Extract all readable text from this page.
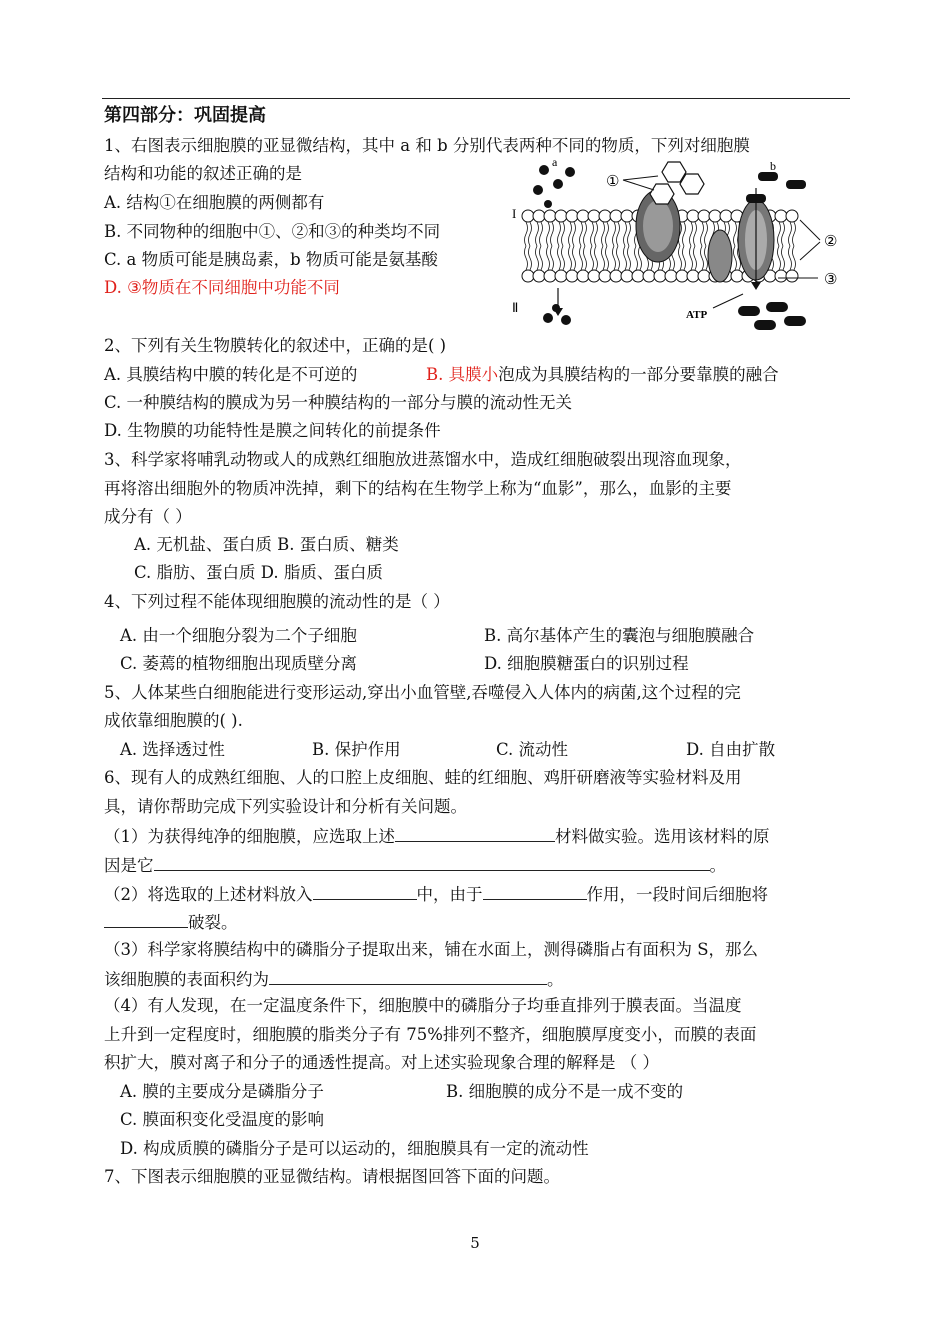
第四部分：巩固提高
1、右图表示细胞膜的亚显微结构，其中 a 和 b 分别代表两种不同的物质，下列对细胞膜
结构和功能的叙述正确的是
A. 结构①在细胞膜的两侧都有
B. 不同物种的细胞中①、②和③的种类均不同
C. a 物质可能是胰岛素，b 物质可能是氨基酸
D. ③物质在不同细胞中功能不同
a	b
①
②
③
I
Ⅱ	ATP
2、下列有关生物膜转化的叙述中，正确的是( )
A. 具膜结构中膜的转化是不可逆的	B. 具膜小泡成为具膜结构的一部分要靠膜的融合
C. 一种膜结构的膜成为另一种膜结构的一部分与膜的流动性无关
D. 生物膜的功能特性是膜之间转化的前提条件
3、科学家将哺乳动物或人的成熟红细胞放进蒸馏水中，造成红细胞破裂出现溶血现象，
再将溶出细胞外的物质冲洗掉，剩下的结构在生物学上称为“血影”，那么，血影的主要
成分有（ ）
A. 无机盐、蛋白质 B. 蛋白质、糖类
C. 脂肪、蛋白质 D. 脂质、蛋白质
4、下列过程不能体现细胞膜的流动性的是（ ）
A. 由一个细胞分裂为二个子细胞	B. 高尔基体产生的囊泡与细胞膜融合
C. 萎蔫的植物细胞出现质壁分离	D. 细胞膜糖蛋白的识别过程
5、人体某些白细胞能进行变形运动,穿出小血管壁,吞噬侵入人体内的病菌,这个过程的完
成依靠细胞膜的( ).
A. 选择透过性	B. 保护作用	C. 流动性	D. 自由扩散
6、现有人的成熟红细胞、人的口腔上皮细胞、蛙的红细胞、鸡肝研磨液等实验材料及用
具，请你帮助完成下列实验设计和分析有关问题。
（1）为获得纯净的细胞膜，应选取上述	材料做实验。选用该材料的原
因是它	。
（2）将选取的上述材料放入	中，由于	作用，一段时间后细胞将
破裂。
（3）科学家将膜结构中的磷脂分子提取出来，铺在水面上，测得磷脂占有面积为 S，那么
该细胞膜的表面积约为	。
（4）有人发现，在一定温度条件下，细胞膜中的磷脂分子均垂直排列于膜表面。当温度
上升到一定程度时，细胞膜的脂类分子有 75%排列不整齐，细胞膜厚度变小，而膜的表面
积扩大，膜对离子和分子的通透性提高。对上述实验现象合理的解释是 （ ）
A. 膜的主要成分是磷脂分子	B. 细胞膜的成分不是一成不变的
C. 膜面积变化受温度的影响
D. 构成质膜的磷脂分子是可以运动的，细胞膜具有一定的流动性
7、下图表示细胞膜的亚显微结构。请根据图回答下面的问题。
5
